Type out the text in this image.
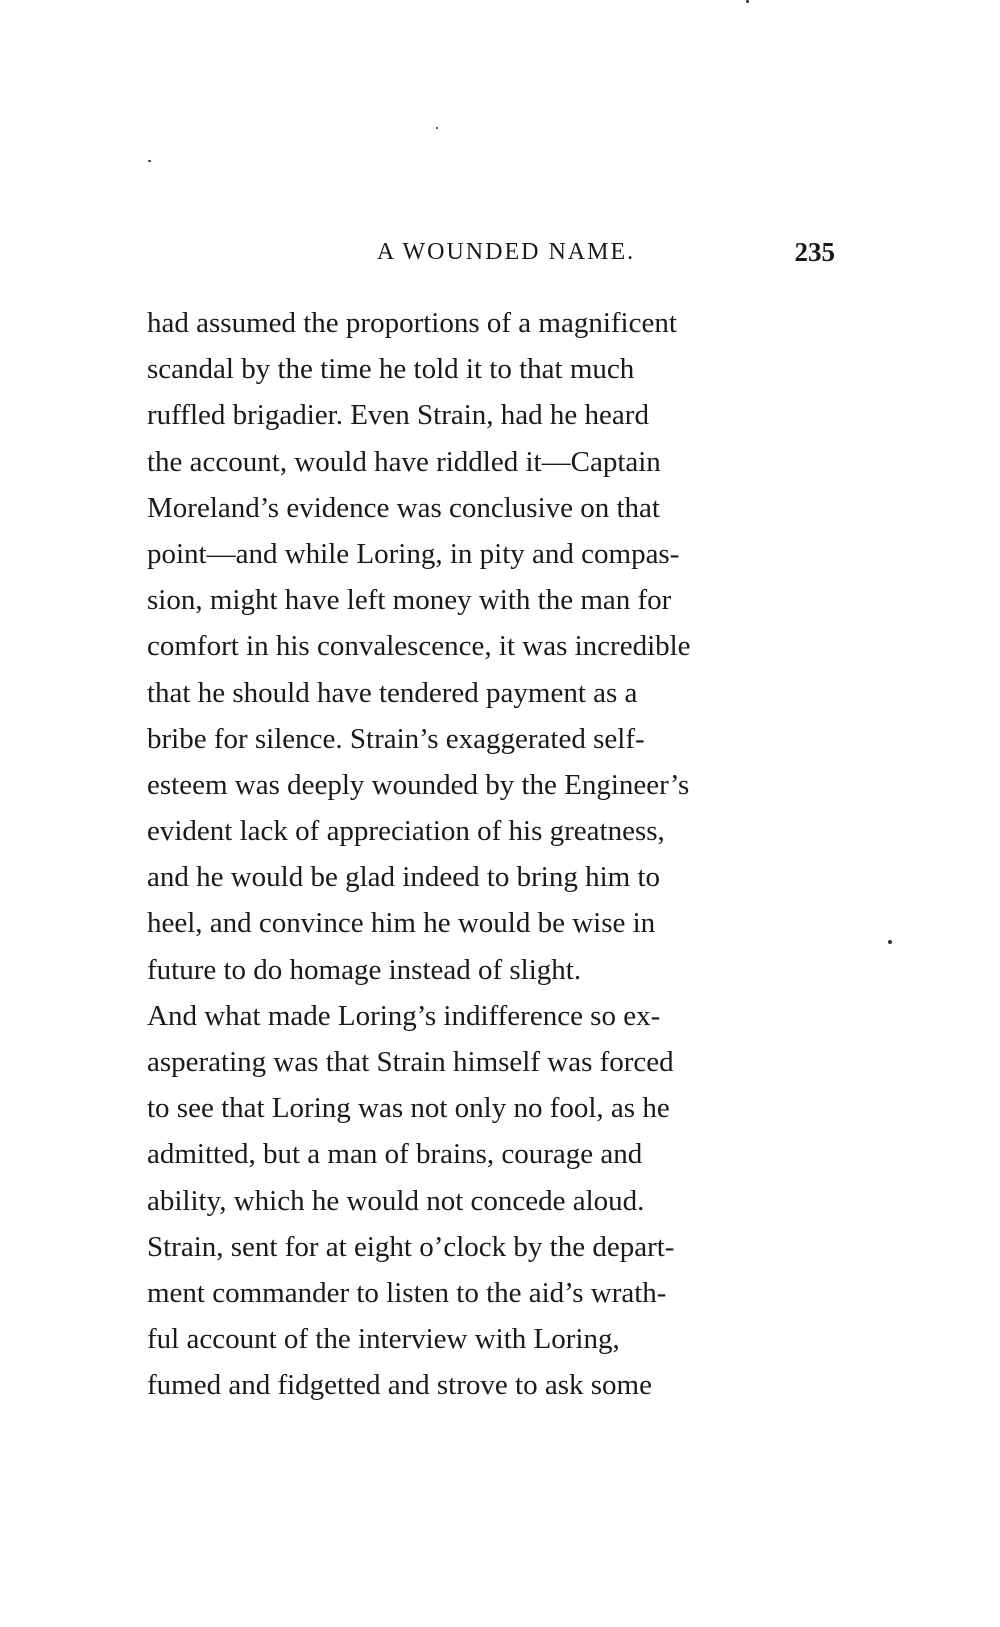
A WOUNDED NAME.	235
had assumed the proportions of a magnificent
scandal by the time he told it to that much
ruffled brigadier. Even Strain, had he heard
the account, would have riddled it—Captain
Moreland’s evidence was conclusive on that
point—and while Loring, in pity and compas-
sion, might have left money with the man for
comfort in his convalescence, it was incredible
that he should have tendered payment as a
bribe for silence. Strain’s exaggerated self-
esteem was deeply wounded by the Engineer’s
evident lack of appreciation of his greatness,
and he would be glad indeed to bring him to
heel, and convince him he would be wise in
future to do homage instead of slight.
And what made Loring’s indifference so ex-
asperating was that Strain himself was forced
to see that Loring was not only no fool, as he
admitted, but a man of brains, courage and
ability, which he would not concede aloud.
Strain, sent for at eight o’clock by the depart-
ment commander to listen to the aid’s wrath-
ful account of the interview with Loring,
fumed and fidgetted and strove to ask some
